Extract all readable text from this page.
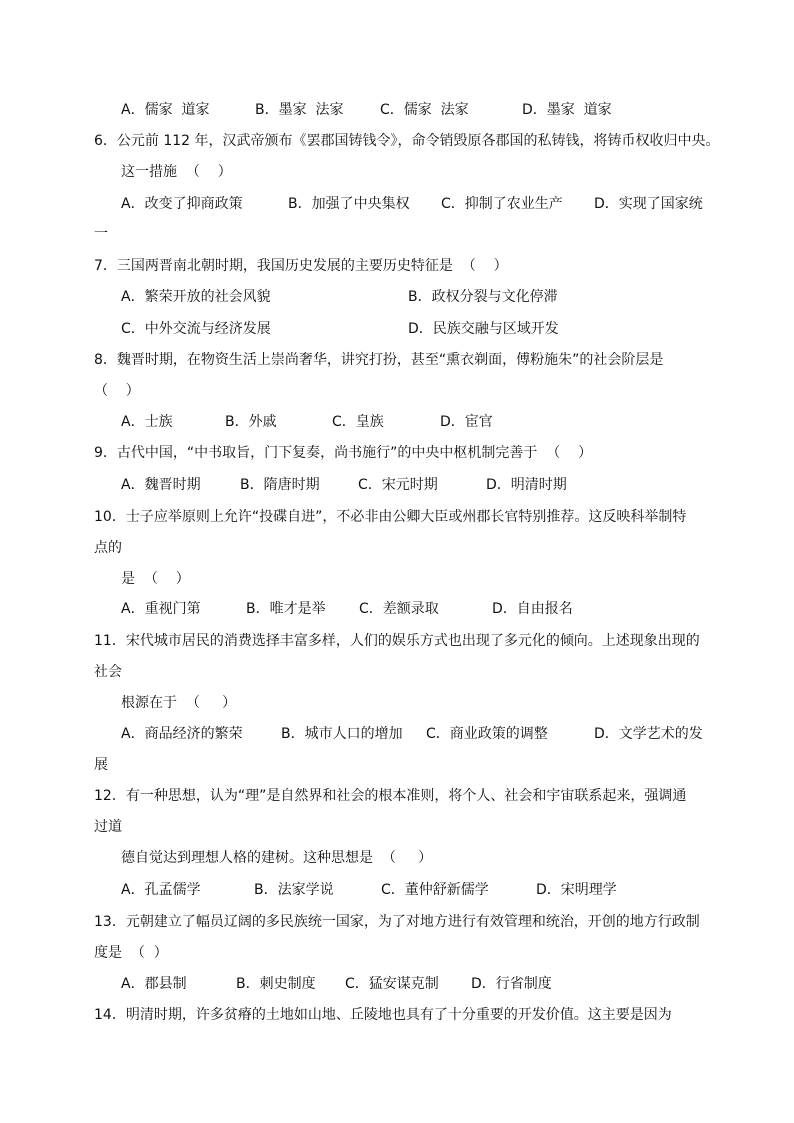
A．儒家  道家	B．墨家  法家	C．儒家  法家	D．墨家  道家
6．公元前 112 年，汉武帝颁布《罢郡国铸钱令》，命令销毁原各郡国的私铸钱，将铸币权收归中央。
这一措施  （    ）
A．改变了抑商政策	B．加强了中央集权 C．抑制了农业生产 D．实现了国家统
一
7．三国两晋南北朝时期，我国历史发展的主要历史特征是  （    ）
A．繁荣开放的社会风貌	B．政权分裂与文化停滞
C．中外交流与经济发展	D．民族交融与区域开发
8．魏晋时期，在物资生活上崇尚奢华，讲究打扮，甚至“熏衣剃面，傅粉施朱”的社会阶层是
（    ）
A．士族	B．外戚	C．皇族	D．宦官
9．古代中国，“中书取旨，门下复奏，尚书施行”的中央中枢机制完善于  （    ）
A．魏晋时期	B．隋唐时期	C．宋元时期	D．明清时期
10．士子应举原则上允许“投碟自进”，不必非由公卿大臣或州郡长官特别推荐。这反映科举制特
点的
是  （    ）
A．重视门第	B．唯才是举 C．差额录取	D．自由报名
11．宋代城市居民的消费选择丰富多样，人们的娱乐方式也出现了多元化的倾向。上述现象出现的
社会
根源在于  （     ）
A．商品经济的繁荣	B．城市人口的增加 C．商业政策的调整	D．文学艺术的发
展
12．有一种思想，认为“理”是自然界和社会的根本准则，将个人、社会和宇宙联系起来，强调通
过道
德自觉达到理想人格的建树。这种思想是  （     ）
A．孔孟儒学	B．法家学说	C．董仲舒新儒学	D．宋明理学
13．元朝建立了幅员辽阔的多民族统一国家，为了对地方进行有效管理和统治，开创的地方行政制
度是  （  ）
A．郡县制	B．刺史制度 C．猛安谋克制 D．行省制度
14．明清时期，许多贫瘠的土地如山地、丘陵地也具有了十分重要的开发价值。这主要是因为
